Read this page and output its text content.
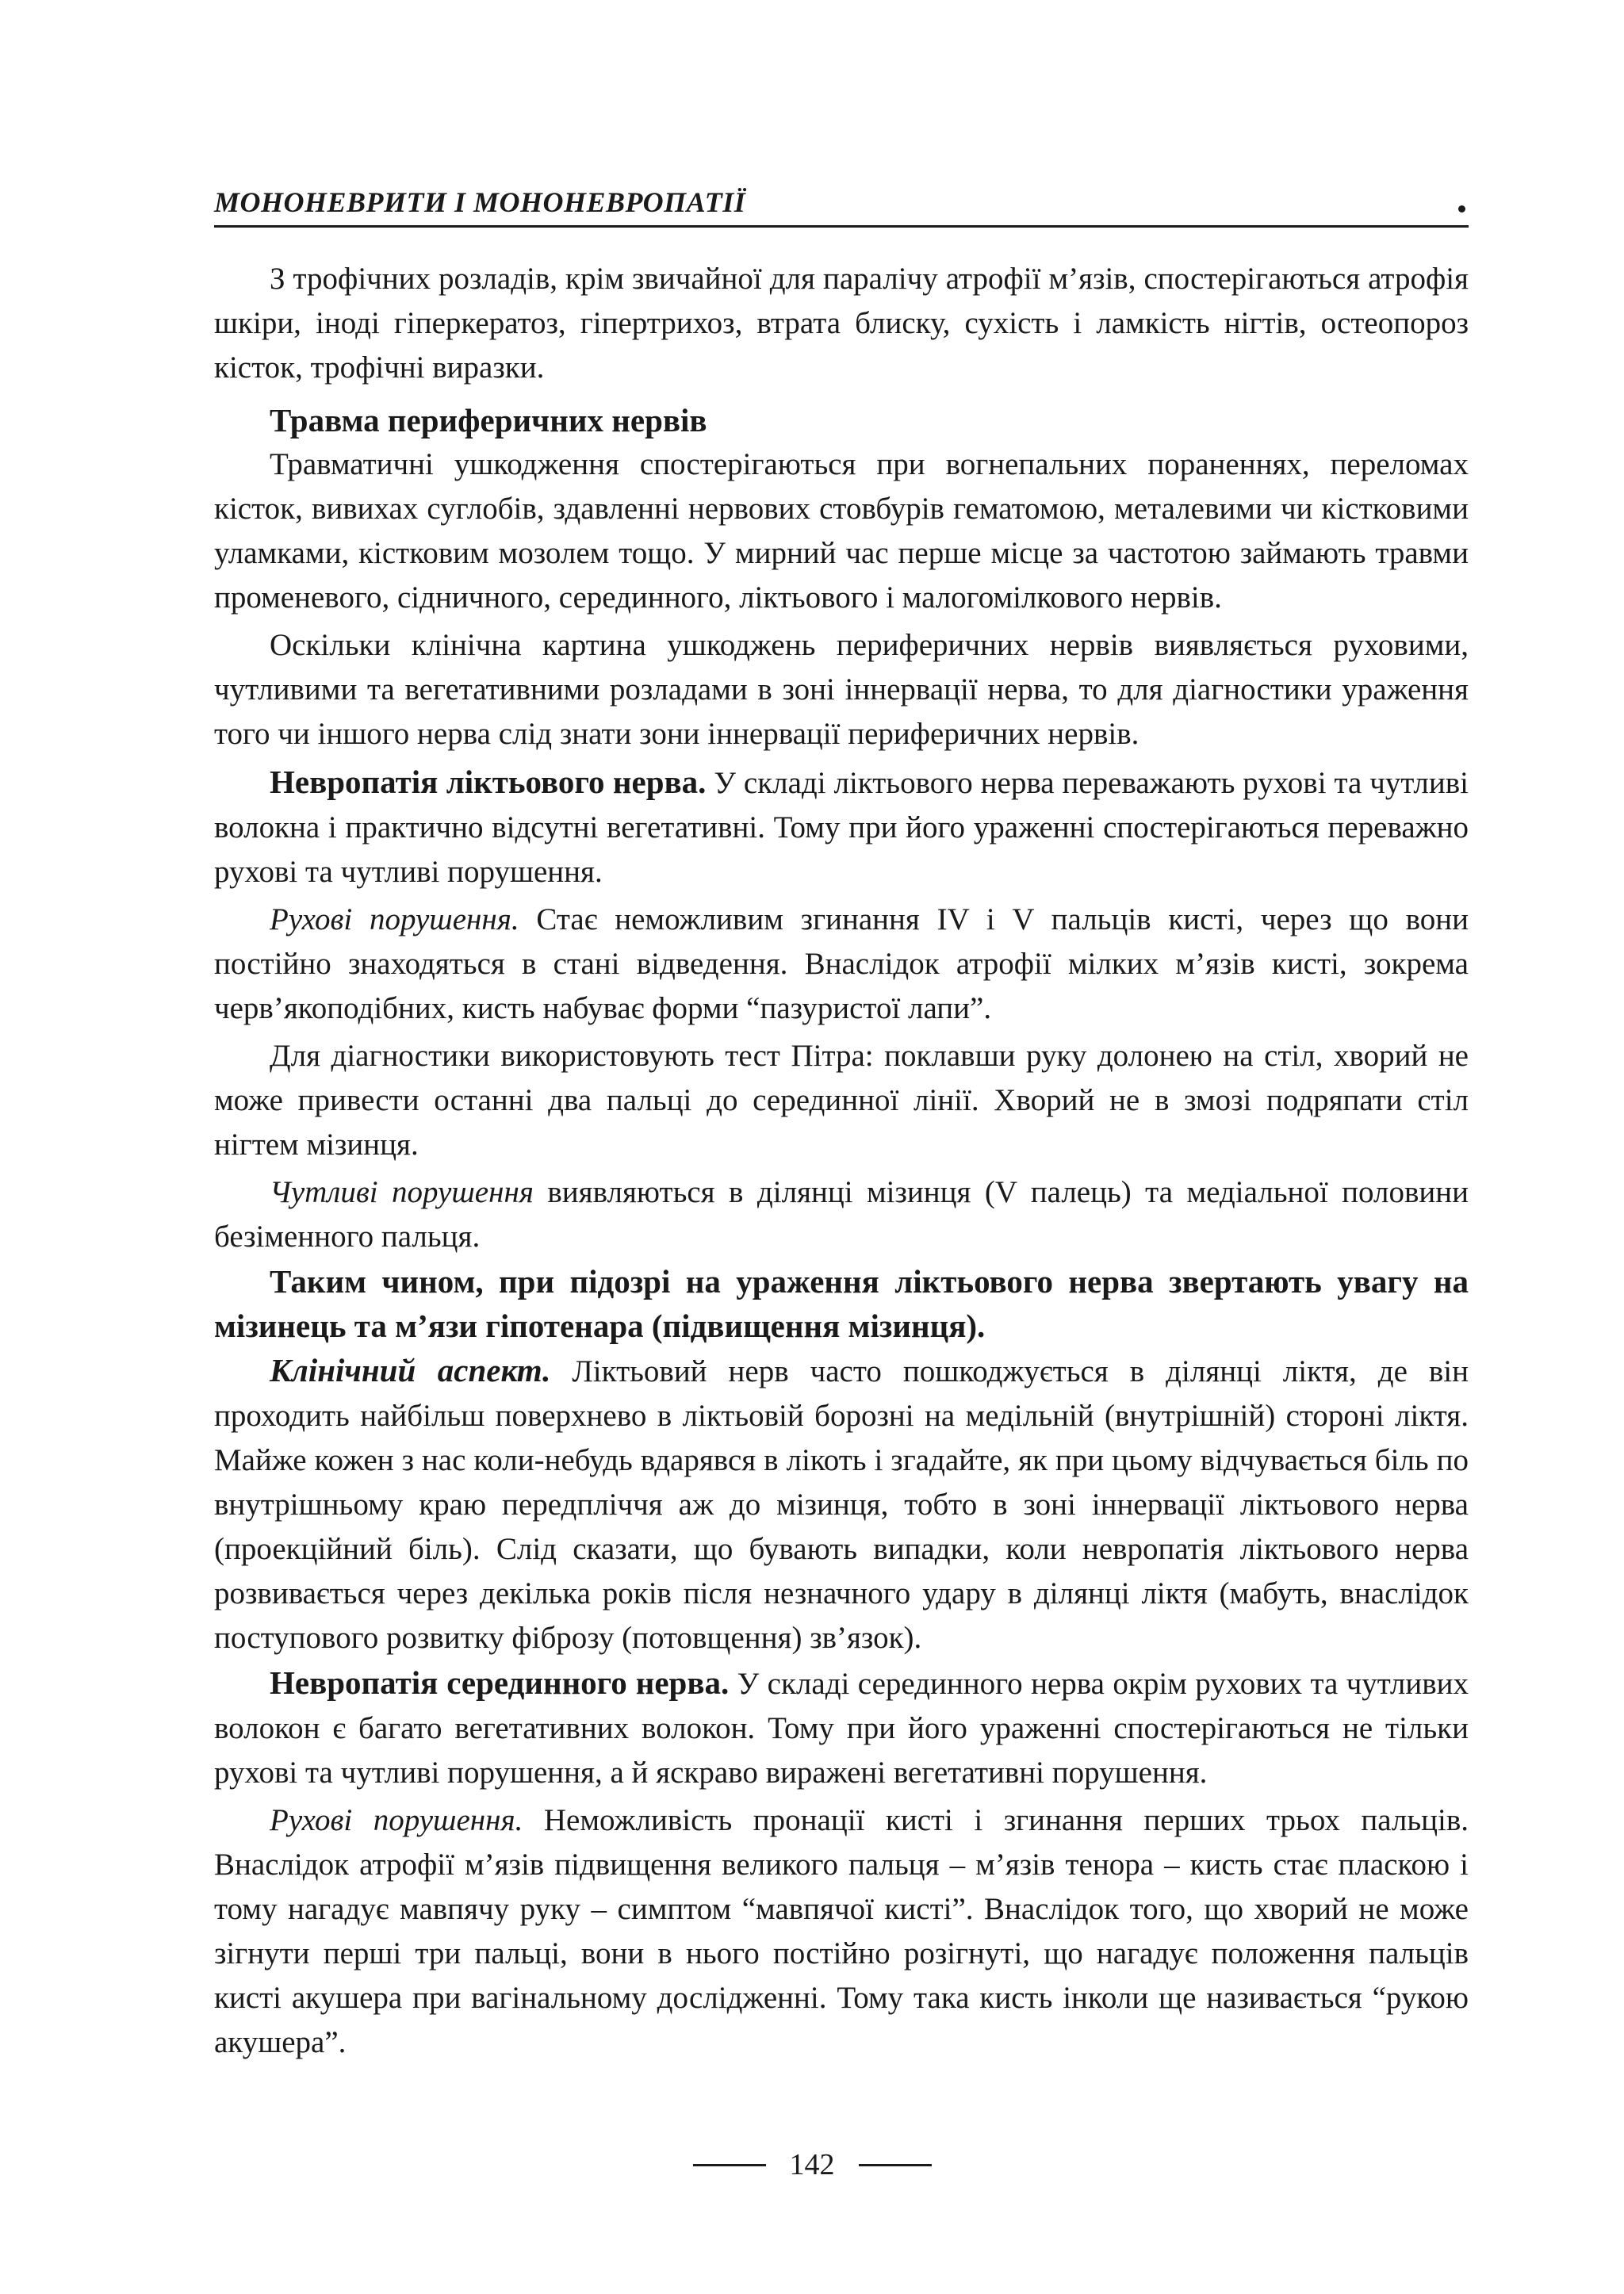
МОНОНЕВРИТИ І МОНОНЕВРОПАТІЇ

З трофічних розладів, крім звичайної для паралічу атрофії м’язів, спостерігаються атрофія шкіри, іноді гіперкератоз, гіпертрихоз, втрата блиску, сухість і ламкість нігтів, остеопороз кісток, трофічні виразки.

Травма периферичних нервів

Травматичні ушкодження спостерігаються при вогнепальних пораненнях, переломах кісток, вивихах суглобів, здавленні нервових стовбурів гематомою, металевими чи кістковими уламками, кістковим мозолем тощо. У мирний час перше місце за частотою займають травми променевого, сідничного, серединного, ліктьового і малогомілкового нервів.

Оскільки клінічна картина ушкоджень периферичних нервів виявляється руховими, чутливими та вегетативними розладами в зоні іннервації нерва, то для діагностики ураження того чи іншого нерва слід знати зони іннервації периферичних нервів.

Невропатія ліктьового нерва. У складі ліктьового нерва переважають рухові та чутливі волокна і практично відсутні вегетативні. Тому при його ураженні спостерігаються переважно рухові та чутливі порушення.

Рухові порушення. Стає неможливим згинання IV і V пальців кисті, через що вони постійно знаходяться в стані відведення. Внаслідок атрофії мілких м’язів кисті, зокрема черв’якоподібних, кисть набуває форми “пазуристої лапи”.

Для діагностики використовують тест Пітра: поклавши руку долонею на стіл, хворий не може привести останні два пальці до серединної лінії. Хворий не в змозі подряпати стіл нігтем мізинця.

Чутливі порушення виявляються в ділянці мізинця (V палець) та медіальної половини безіменного пальця.

Таким чином, при підозрі на ураження ліктьового нерва звертають увагу на мізинець та м’язи гіпотенара (підвищення мізинця).

Клінічний аспект. Ліктьовий нерв часто пошкоджується в ділянці ліктя, де він проходить найбільш поверхнево в ліктьовій борозні на медільній (внутрішній) стороні ліктя. Майже кожен з нас коли-небудь вдарявся в лікоть і згадайте, як при цьому відчувається біль по внутрішньому краю передпліччя аж до мізинця, тобто в зоні іннервації ліктьового нерва (проекційний біль). Слід сказати, що бувають випадки, коли невропатія ліктьового нерва розвивається через декілька років після незначного удару в ділянці ліктя (мабуть, внаслідок поступового розвитку фіброзу (потовщення) зв’язок).

Невропатія серединного нерва. У складі серединного нерва окрім рухових та чутливих волокон є багато вегетативних волокон. Тому при його ураженні спостерігаються не тільки рухові та чутливі порушення, а й яскраво виражені вегетативні порушення.

Рухові порушення. Неможливість пронації кисті і згинання перших трьох пальців. Внаслідок атрофії м’язів підвищення великого пальця – м’язів тенора – кисть стає пласкою і тому нагадує мавпячу руку – симптом “мавпячої кисті”. Внаслідок того, що хворий не може зігнути перші три пальці, вони в нього постійно розігнуті, що нагадує положення пальців кисті акушера при вагінальному дослідженні. Тому така кисть інколи ще називається “рукою акушера”.

142
